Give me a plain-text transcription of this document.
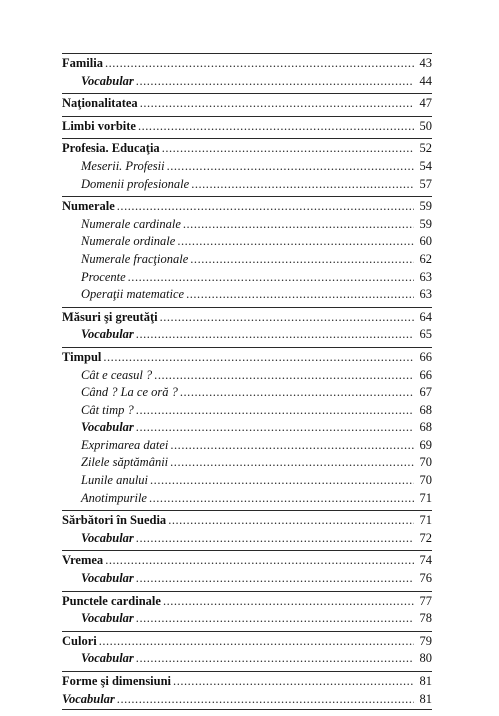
Familia . . .	43
Vocabular . . .	44
Naţionalitatea . . .	47
Limbi vorbite . . .	50
Profesia. Educaţia . . .	52
Meserii. Profesii . . .	54
Domenii profesionale . . .	57
Numerale . . .	59
Numerale cardinale . . .	59
Numerale ordinale . . .	60
Numerale fracţionale . . .	62
Procente . . .	63
Operaţii matematice . . .	63
Măsuri şi greutăţi . . .	64
Vocabular . . .	65
Timpul . . .	66
Cât e ceasul ? . . .	66
Când ? La ce oră ? . . .	67
Cât timp ? . . .	68
Vocabular . . .	68
Exprimarea datei . . .	69
Zilele săptămânii . . .	70
Lunile anului . . .	70
Anotimpurile . . .	71
Sărbători în Suedia . . .	71
Vocabular . . .	72
Vremea . . .	74
Vocabular . . .	76
Punctele cardinale . . .	77
Vocabular . . .	78
Culori . . .	79
Vocabular . . .	80
Forme şi dimensiuni . . .	81
Vocabular . . .	81
